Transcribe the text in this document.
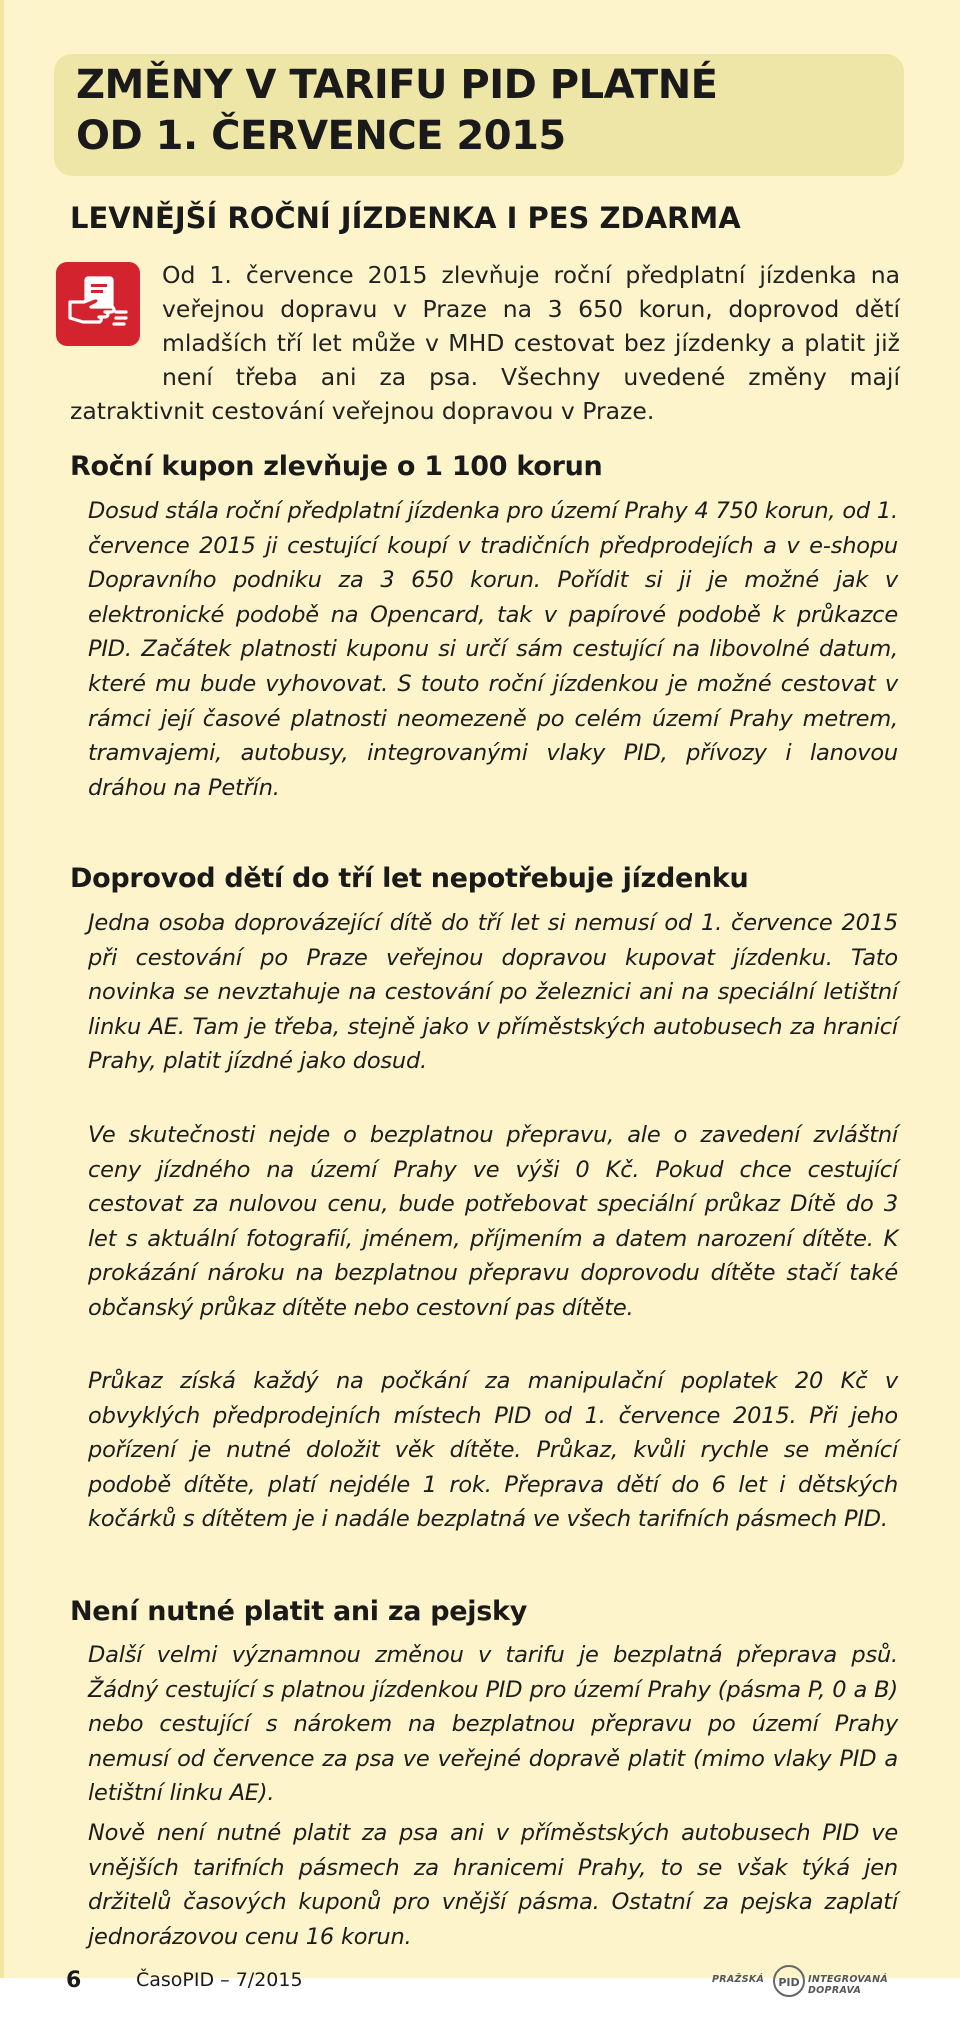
ZMĚNY V TARIFU PID PLATNÉ
OD 1. ČERVENCE 2015
LEVNĚJŠÍ ROČNÍ JÍZDENKA I PES ZDARMA

Od 1. července 2015 zlevňuje roční předplatní jízdenka na veřejnou dopravu v Praze na 3 650 korun, doprovod dětí mladších tří let může v MHD cestovat bez jízdenky a platit již není třeba ani za psa. Všechny uvedené změny mají zatraktivnit cestování veřejnou dopravou v Praze.

Roční kupon zlevňuje o 1 100 korun

Dosud stála roční předplatní jízdenka pro území Prahy 4 750 korun, od 1. července 2015 ji cestující koupí v tradičních předprodejích a v e-shopu Dopravního podniku za 3 650 korun. Pořídit si ji je možné jak v elektronické podobě na Opencard, tak v papírové podobě k průkazce PID. Začátek platnosti kuponu si určí sám cestující na libovolné datum, které mu bude vyhovovat. S touto roční jízdenkou je možné cestovat v rámci její časové platnosti neomezeně po celém území Prahy metrem, tramvajemi, autobusy, integrovanými vlaky PID, přívozy i lanovou dráhou na Petřín.

Doprovod dětí do tří let nepotřebuje jízdenku

Jedna osoba doprovázející dítě do tří let si nemusí od 1. července 2015 při cestování po Praze veřejnou dopravou kupovat jízdenku. Tato novinka se nevztahuje na cestování po železnici ani na speciální letištní linku AE. Tam je třeba, stejně jako v příměstských autobusech za hranicí Prahy, platit jízdné jako dosud.

Ve skutečnosti nejde o bezplatnou přepravu, ale o zavedení zvláštní ceny jízdného na území Prahy ve výši 0 Kč. Pokud chce cestující cestovat za nulovou cenu, bude potřebovat speciální průkaz Dítě do 3 let s aktuální fotografií, jménem, příjmením a datem narození dítěte. K prokázání nároku na bezplatnou přepravu doprovodu dítěte stačí také občanský průkaz dítěte nebo cestovní pas dítěte.

Průkaz získá každý na počkání za manipulační poplatek 20 Kč v obvyklých předprodejních místech PID od 1. července 2015. Při jeho pořízení je nutné doložit věk dítěte. Průkaz, kvůli rychle se měnící podobě dítěte, platí nejdéle 1 rok. Přeprava dětí do 6 let i dětských kočárků s dítětem je i nadále bezplatná ve všech tarifních pásmech PID.

Není nutné platit ani za pejsky

Další velmi významnou změnou v tarifu je bezplatná přeprava psů. Žádný cestující s platnou jízdenkou PID pro území Prahy (pásma P, 0 a B) nebo cestující s nárokem na bezplatnou přepravu po území Prahy nemusí od července za psa ve veřejné dopravě platit (mimo vlaky PID a letištní linku AE).

Nově není nutné platit za psa ani v příměstských autobusech PID ve vnějších tarifních pásmech za hranicemi Prahy, to se však týká jen držitelů časových kuponů pro vnější pásma. Ostatní za pejska zaplatí jednorázovou cenu 16 korun.

6	ČasoPID – 7/2015	PRAŽSKÁ PID INTEGROVANÁ DOPRAVA
